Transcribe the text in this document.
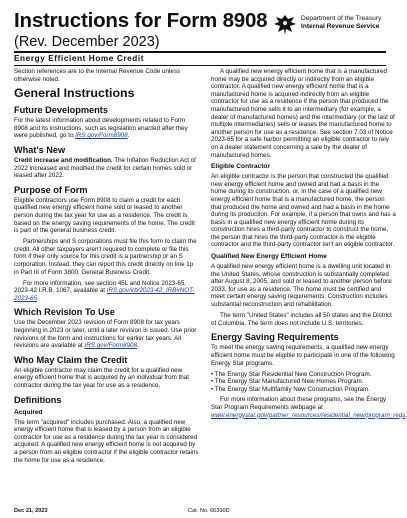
Instructions for Form 8908
(Rev. December 2023)
Department of the Treasury
Internal Revenue Service
Energy Efficient Home Credit

Section references are to the Internal Revenue Code unless otherwise noted.

General Instructions
Future Developments

For the latest information about developments related to Form 8908 and its instructions, such as legislation enacted after they were published, go to IRS.gov/Form8908.

What's New

Credit increase and modification. The Inflation Reduction Act of 2022 increased and modified the credit for certain homes sold or leased after 2022.

Purpose of Form

Eligible contractors use Form 8908 to claim a credit for each qualified new energy efficient home sold or leased to another person during the tax year for use as a residence. The credit is based on the energy saving requirements of the home. The credit is part of the general business credit.

Partnerships and S corporations must file this form to claim the credit. All other taxpayers aren't required to complete or file this form if their only source for this credit is a partnership or an S corporation. Instead, they can report this credit directly on line 1p in Part III of Form 3800, General Business Credit.

For more information, see section 45L and Notice 2023-65, 2023-42 I.R.B. 1067, available at IRS.gov/irb/2023-42_IRB#NOT-2023-65.

Which Revision To Use

Use the December 2023 revision of Form 8908 for tax years beginning in 2023 or later, until a later revision is issued. Use prior revisions of the form and instructions for earlier tax years. All revisions are available at IRS.gov/Form8908.

Who May Claim the Credit

An eligible contractor may claim the credit for a qualified new energy efficient home that is acquired by an individual from that contractor during the tax year for use as a residence.

Definitions
Acquired

The term "acquired" includes purchased. Also, a qualified new energy efficient home that is leased by a person from an eligible contractor for use as a residence during the tax year is considered acquired. A qualified new energy efficient home is not acquired by a person from an eligible contractor if the eligible contractor retains the home for use as a residence.

A qualified new energy efficient home that is a manufactured home may be acquired directly or indirectly from an eligible contractor. A qualified new energy efficient home that is a manufactured home is acquired indirectly from an eligible contractor for use as a residence if the person that produced the manufactured home sells it to an intermediary (for example, a dealer of manufactured homes) and the intermediary (or the last of multiple intermediaries) sells or leases the manufactured home to another person for use as a residence. See section 7.03 of Notice 2023-65 for a safe harbor permitting an eligible contractor to rely on a dealer statement concerning a sale by the dealer of manufactured homes.

Eligible Contractor

An eligible contractor is the person that constructed the qualified new energy efficient home and owned and had a basis in the home during its construction, or, in the case of a qualified new energy efficient home that is a manufactured home, the person that produced the home and owned and had a basis in the home during its production. For example, if a person that owns and has a basis in a qualified new energy efficient home during its construction hires a third-party contractor to construct the home, the person that hires the third-party contractor is the eligible contractor and the third-party contractor isn't an eligible contractor.

Qualified New Energy Efficient Home

A qualified new energy efficient home is a dwelling unit located in the United States, whose construction is substantially completed after August 8, 2005, and sold or leased to another person before 2033, for use as a residence. The home must be certified and meet certain energy saving requirements. Construction includes substantial reconstruction and rehabilitation.

The term "United States" includes all 50 states and the District of Columbia. The term does not include U.S. territories.

Energy Saving Requirements

To meet the energy saving requirements, a qualified new energy efficient home must be eligible to participate in one of the following Energy Star programs.

• The Energy Star Residential New Construction Program.
• The Energy Star Manufactured New Homes Program.
• The Energy Star Multifamily New Construction Program.

For more information about these programs, see the Energy Star Program Requirements webpage at www.energystar.gov/partner_resources/residential_new/program_reqs.

Dec 21, 2023	Cat. No. 66390D
